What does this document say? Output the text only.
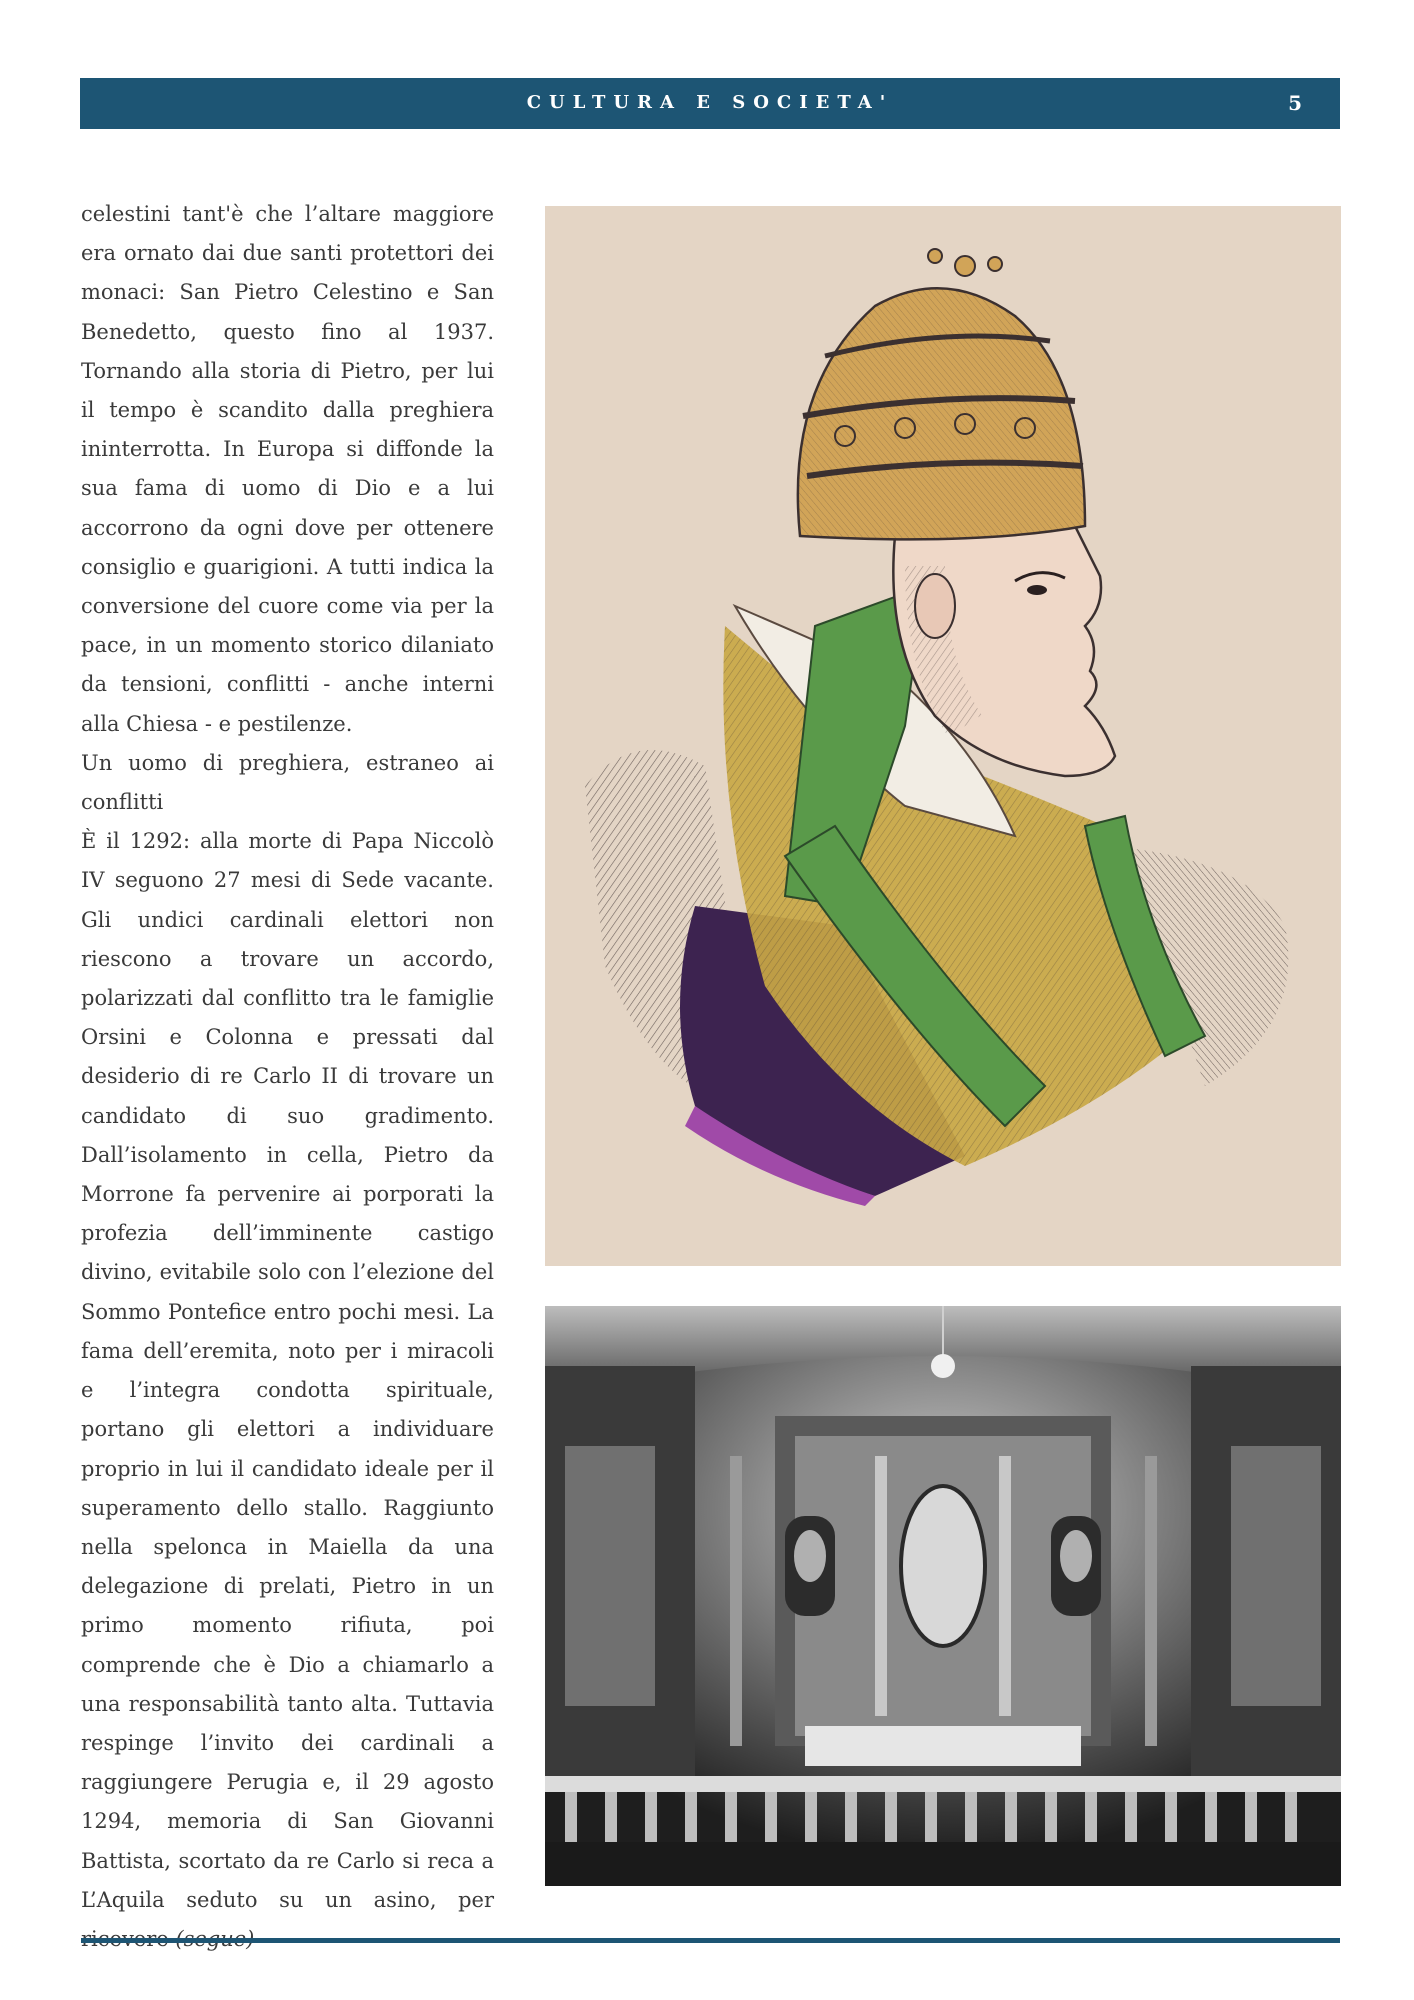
CULTURA E SOCIETA'	5

celestini tant'è che l’altare maggiore era ornato dai due santi protettori dei monaci: San Pietro Celestino e San Benedetto, questo fino al 1937. Tornando alla storia di Pietro, per lui il tempo è scandito dalla preghiera ininterrotta. In Europa si diffonde la sua fama di uomo di Dio e a lui accorrono da ogni dove per ottenere consiglio e guarigioni. A tutti indica la conversione del cuore come via per la pace, in un momento storico dilaniato da tensioni, conflitti - anche interni alla Chiesa - e pestilenze.

Un uomo di preghiera, estraneo ai conflitti

È il 1292: alla morte di Papa Niccolò IV seguono 27 mesi di Sede vacante. Gli undici cardinali elettori non riescono a trovare un accordo, polarizzati dal conflitto tra le famiglie Orsini e Colonna e pressati dal desiderio di re Carlo II di trovare un candidato di suo gradimento. Dall’isolamento in cella, Pietro da Morrone fa pervenire ai porporati la profezia dell’imminente castigo divino, evitabile solo con l’elezione del Sommo Pontefice entro pochi mesi. La fama dell’eremita, noto per i miracoli e l’integra condotta spirituale, portano gli elettori a individuare proprio in lui il candidato ideale per il superamento dello stallo. Raggiunto nella spelonca in Maiella da una delegazione di prelati, Pietro in un primo momento rifiuta, poi comprende che è Dio a chiamarlo a una responsabilità tanto alta. Tuttavia respinge l’invito dei cardinali a raggiungere Perugia e, il 29 agosto 1294, memoria di San Giovanni Battista, scortato da re Carlo si reca a L’Aquila seduto su un asino, per
